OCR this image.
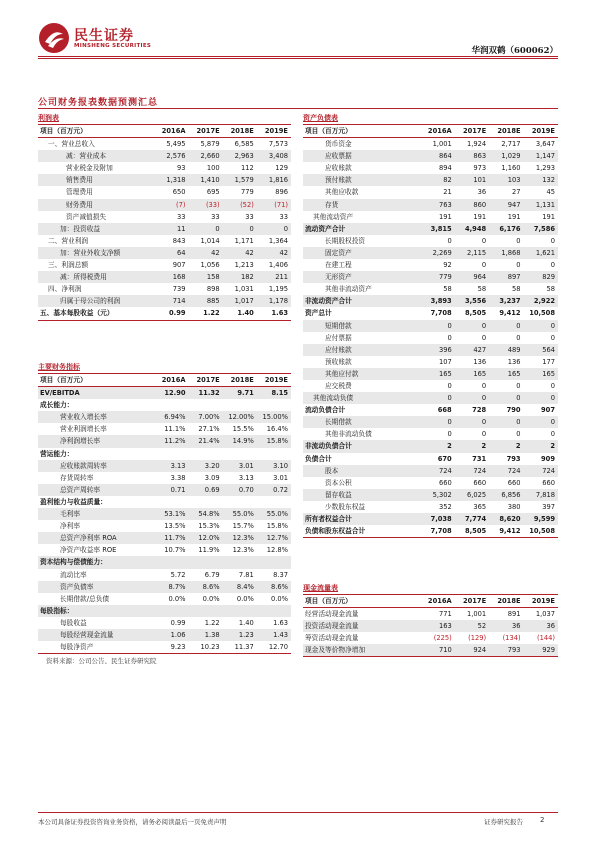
民生证券
MINSHENG SECURITIES	华润双鹤（600062）
公司财务报表数据预测汇总
利润表
项目（百万元）	2016A	2017E	2018E	2019E
一、营业总收入	5,495	5,879	6,585	7,573
减：营业成本	2,576	2,660	2,963	3,408
营业税金及附加	93	100	112	129
销售费用	1,318	1,410	1,579	1,816
管理费用	650	695	779	896
财务费用	(7)	(33)	(52)	(71)
资产减值损失	33	33	33	33
加：投资收益	11	0	0	0
二、营业利润	843	1,014	1,171	1,364
加：营业外收支净额	64	42	42	42
三、利润总额	907	1,056	1,213	1,406
减：所得税费用	168	158	182	211
四、净利润	739	898	1,031	1,195
归属于母公司的利润	714	885	1,017	1,178
五、基本每股收益（元）	0.99	1.22	1.40	1.63
主要财务指标
项目（百万元）	2016A	2017E	2018E	2019E
EV/EBITDA	12.90	11.32	9.71	8.15
成长能力：				
营业收入增长率	6.94%	7.00%	12.00%	15.00%
营业利润增长率	11.1%	27.1%	15.5%	16.4%
净利润增长率	11.2%	21.4%	14.9%	15.8%
营运能力：				
应收账款周转率	3.13	3.20	3.01	3.10
存货周转率	3.38	3.09	3.13	3.01
总资产周转率	0.71	0.69	0.70	0.72
盈利能力与收益质量：				
毛利率	53.1%	54.8%	55.0%	55.0%
净利率	13.5%	15.3%	15.7%	15.8%
总资产净利率 ROA	11.7%	12.0%	12.3%	12.7%
净资产收益率 ROE	10.7%	11.9%	12.3%	12.8%
资本结构与偿债能力：				
流动比率	5.72	6.79	7.81	8.37
资产负债率	8.7%	8.6%	8.4%	8.6%
长期借款/总负债	0.0%	0.0%	0.0%	0.0%
每股指标：				
每股收益	0.99	1.22	1.40	1.63
每股经营现金流量	1.06	1.38	1.23	1.43
每股净资产	9.23	10.23	11.37	12.70
资产负债表
项目（百万元）	2016A	2017E	2018E	2019E
货币资金	1,001	1,924	2,717	3,647
应收票据	864	863	1,029	1,147
应收账款	894	973	1,160	1,293
预付账款	82	101	103	132
其他应收款	21	36	27	45
存货	763	860	947	1,131
其他流动资产	191	191	191	191
流动资产合计	3,815	4,948	6,176	7,586
长期股权投资	0	0	0	0
固定资产	2,269	2,115	1,868	1,621
在建工程	92	0	0	0
无形资产	779	964	897	829
其他非流动资产	58	58	58	58
非流动资产合计	3,893	3,556	3,237	2,922
资产总计	7,708	8,505	9,412	10,508
短期借款	0	0	0	0
应付票据	0	0	0	0
应付账款	396	427	489	564
预收账款	107	136	136	177
其他应付款	165	165	165	165
应交税费	0	0	0	0
其他流动负债	0	0	0	0
流动负债合计	668	728	790	907
长期借款	0	0	0	0
其他非流动负债	0	0	0	0
非流动负债合计	2	2	2	2
负债合计	670	731	793	909
股本	724	724	724	724
资本公积	660	660	660	660
留存收益	5,302	6,025	6,856	7,818
少数股东权益	352	365	380	397
所有者权益合计	7,038	7,774	8,620	9,599
负债和股东权益合计	7,708	8,505	9,412	10,508
现金流量表
项目（百万元）	2016A	2017E	2018E	2019E
经营活动现金流量	771	1,001	891	1,037
投资活动现金流量	163	52	36	36
筹资活动现金流量	(225)	(129)	(134)	(144)
现金及等价物净增加	710	924	793	929
资料来源：公司公告、民生证券研究院
本公司具备证券投资咨询业务资格，请务必阅读最后一页免责声明	证券研究报告 2
